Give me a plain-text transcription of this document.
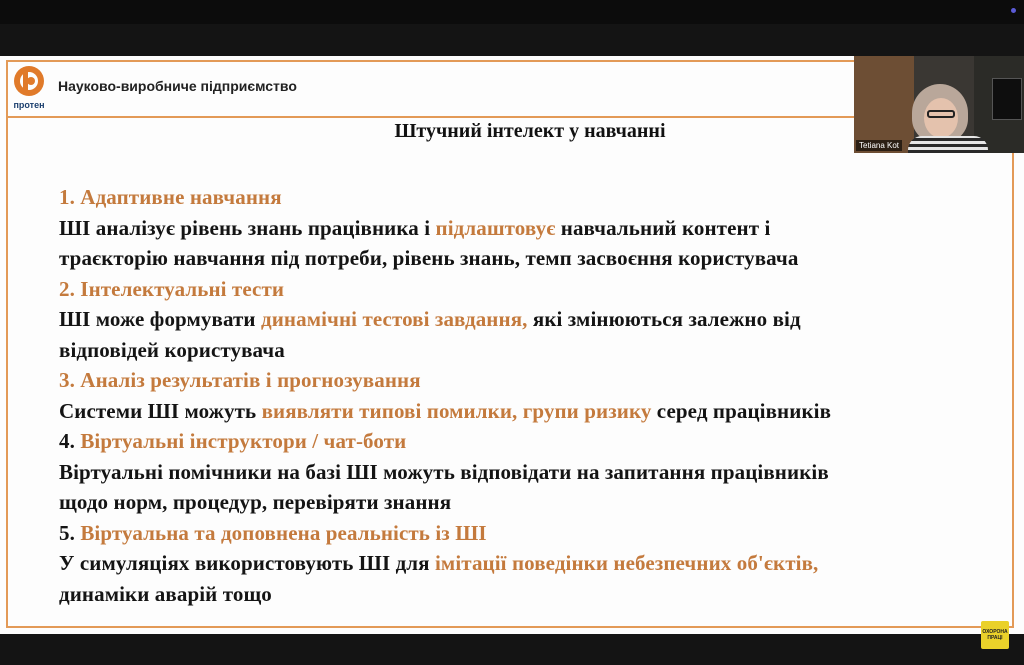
протен
Науково-виробниче підприємство
Штучний інтелект у навчанні
1. Адаптивне навчання
ШІ аналізує рівень знань працівника і підлаштовує навчальний контент і
траєкторію навчання під потреби, рівень знань, темп засвоєння користувача
2. Інтелектуальні тести
ШІ може формувати динамічні тестові завдання, які змінюються залежно від
відповідей користувача
3. Аналіз результатів і прогнозування
Системи ШІ можуть виявляти типові помилки, групи ризику серед працівників
4. Віртуальні інструктори / чат-боти
Віртуальні помічники на базі ШІ можуть відповідати на запитання працівників
щодо норм, процедур, перевіряти знання
5. Віртуальна та доповнена реальність із ШІ
У симуляціях використовують ШІ для імітації поведінки небезпечних об'єктів,
динаміки аварій тощо
Tetiana Kot
ОХОРОНА ПРАЦІ
